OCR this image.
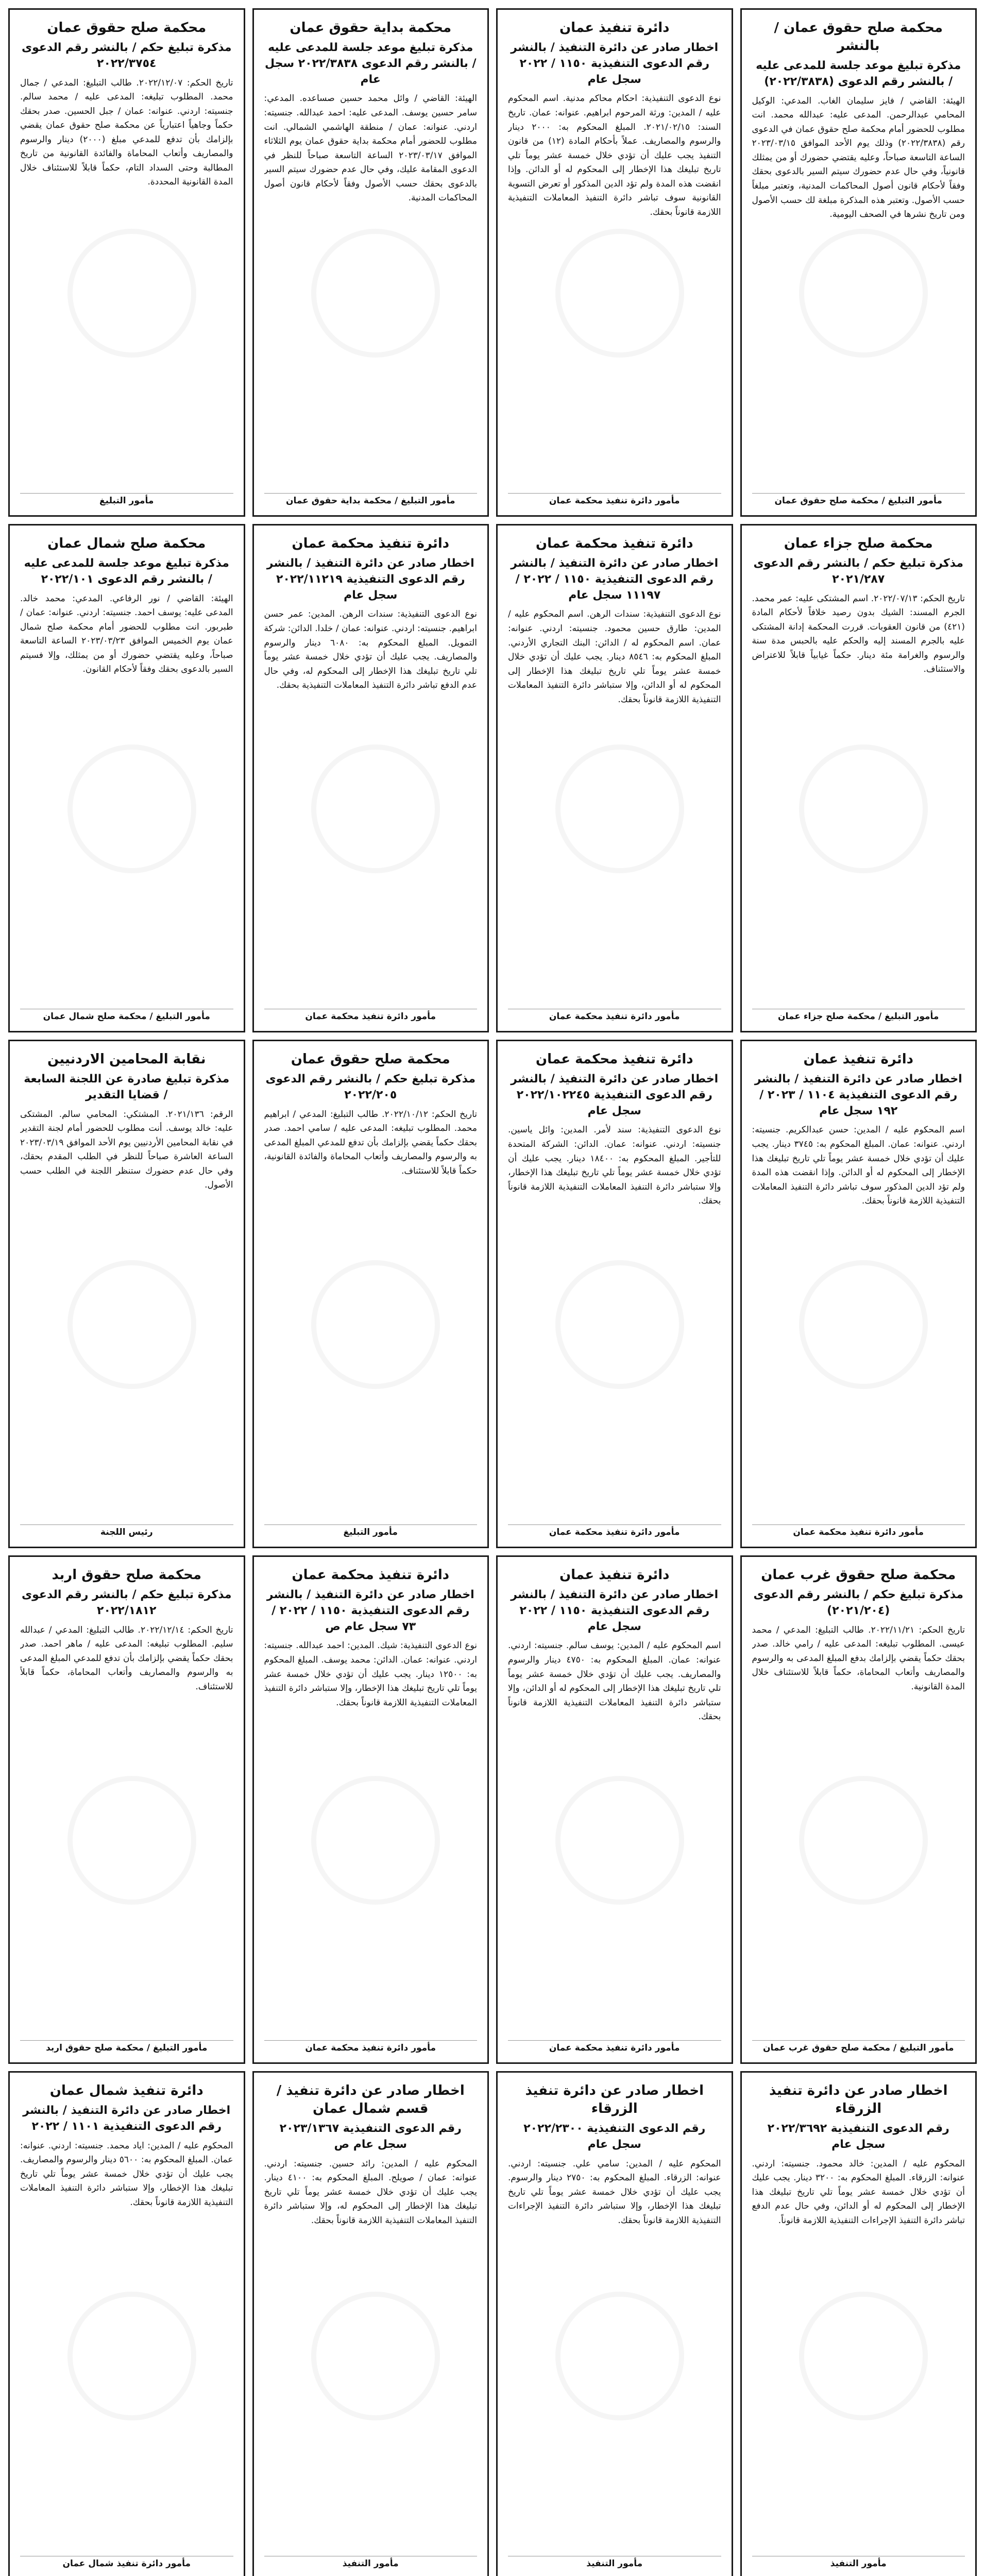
محكمة صلح حقوق عمان / بالنشر
مذكرة تبليغ موعد جلسة للمدعى عليه / بالنشر رقم الدعوى (٢٠٢٢/٣٨٣٨)
الهيئة: القاضي / فايز سليمان الغاب. المدعي: الوكيل المحامي عبدالرحمن. المدعى عليه: عبدالله محمد. انت مطلوب للحضور أمام محكمة صلح حقوق عمان في الدعوى رقم (٢٠٢٢/٣٨٣٨) وذلك يوم الأحد الموافق ٢٠٢٣/٠٣/١٥ الساعة التاسعة صباحاً، وعليه يقتضي حضورك أو من يمثلك قانونياً، وفي حال عدم حضورك سيتم السير بالدعوى بحقك وفقاً لأحكام قانون أصول المحاكمات المدنية، وتعتبر مبلغاً حسب الأصول. وتعتبر هذه المذكرة مبلغة لك حسب الأصول ومن تاريخ نشرها في الصحف اليومية.
مأمور التبليغ / محكمة صلح حقوق عمان
دائرة تنفيذ عمان
اخطار صادر عن دائرة التنفيذ / بالنشر رقم الدعوى التنفيذية ١١٥٠ / ٢٠٢٢ سجل عام
نوع الدعوى التنفيذية: احكام محاكم مدنية. اسم المحكوم عليه / المدين: ورثة المرحوم ابراهيم. عنوانه: عمان. تاريخ السند: ٢٠٢١/٠٢/١٥. المبلغ المحكوم به: ٢٠٠٠ دينار والرسوم والمصاريف. عملاً بأحكام المادة (١٢) من قانون التنفيذ يجب عليك أن تؤدي خلال خمسة عشر يوماً تلي تاريخ تبليغك هذا الإخطار إلى المحكوم له أو الدائن. وإذا انقضت هذه المدة ولم تؤد الدين المذكور أو تعرض التسوية القانونية سوف تباشر دائرة التنفيذ المعاملات التنفيذية اللازمة قانوناً بحقك.
مأمور دائرة تنفيذ محكمة عمان
محكمة بداية حقوق عمان
مذكرة تبليغ موعد جلسة للمدعى عليه / بالنشر رقم الدعوى ٢٠٢٢/٣٨٣٨ سجل عام
الهيئة: القاضي / وائل محمد حسين صساعده. المدعي: سامر حسين يوسف. المدعى عليه: احمد عبدالله. جنسيته: اردني. عنوانه: عمان / منطقة الهاشمي الشمالي. انت مطلوب للحضور أمام محكمة بداية حقوق عمان يوم الثلاثاء الموافق ٢٠٢٣/٠٣/١٧ الساعة التاسعة صباحاً للنظر في الدعوى المقامة عليك، وفي حال عدم حضورك سيتم السير بالدعوى بحقك حسب الأصول وفقاً لأحكام قانون أصول المحاكمات المدنية.
مأمور التبليغ / محكمة بداية حقوق عمان
محكمة صلح حقوق عمان
مذكرة تبليغ حكم / بالنشر رقم الدعوى ٢٠٢٢/٣٧٥٤
تاريخ الحكم: ٢٠٢٢/١٢/٠٧. طالب التبليغ: المدعي / جمال محمد. المطلوب تبليغه: المدعى عليه / محمد سالم. جنسيته: اردني. عنوانه: عمان / جبل الحسين. صدر بحقك حكماً وجاهياً اعتبارياً عن محكمة صلح حقوق عمان يقضي بإلزامك بأن تدفع للمدعي مبلغ (٢٠٠٠) دينار والرسوم والمصاريف وأتعاب المحاماة والفائدة القانونية من تاريخ المطالبة وحتى السداد التام، حكماً قابلاً للاستئناف خلال المدة القانونية المحددة.
مأمور التبليغ
محكمة صلح جزاء عمان
مذكرة تبليغ حكم / بالنشر رقم الدعوى ٢٠٢١/٢٨٧
تاريخ الحكم: ٢٠٢٢/٠٧/١٣. اسم المشتكى عليه: عمر محمد. الجرم المسند: الشيك بدون رصيد خلافاً لأحكام المادة (٤٢١) من قانون العقوبات. قررت المحكمة إدانة المشتكى عليه بالجرم المسند إليه والحكم عليه بالحبس مدة سنة والرسوم والغرامة مئة دينار. حكماً غيابياً قابلاً للاعتراض والاستئناف.
مأمور التبليغ / محكمة صلح جزاء عمان
دائرة تنفيذ محكمة عمان
اخطار صادر عن دائرة التنفيذ / بالنشر رقم الدعوى التنفيذية ١١٥٠ / ٢٠٢٢ / ١١١٩٧ سجل عام
نوع الدعوى التنفيذية: سندات الرهن. اسم المحكوم عليه / المدين: طارق حسين محمود. جنسيته: اردني. عنوانه: عمان. اسم المحكوم له / الدائن: البنك التجاري الأردني. المبلغ المحكوم به: ٨٥٤٦ دينار. يجب عليك أن تؤدي خلال خمسة عشر يوماً تلي تاريخ تبليغك هذا الإخطار إلى المحكوم له أو الدائن، وإلا ستباشر دائرة التنفيذ المعاملات التنفيذية اللازمة قانوناً بحقك.
مأمور دائرة تنفيذ محكمة عمان
دائرة تنفيذ محكمة عمان
اخطار صادر عن دائرة التنفيذ / بالنشر رقم الدعوى التنفيذية ٢٠٢٢/١١٢١٩ سجل عام
نوع الدعوى التنفيذية: سندات الرهن. المدين: عمر حسن ابراهيم. جنسيته: اردني. عنوانه: عمان / خلدا. الدائن: شركة التمويل. المبلغ المحكوم به: ٦٠٨٠ دينار والرسوم والمصاريف. يجب عليك أن تؤدي خلال خمسة عشر يوماً تلي تاريخ تبليغك هذا الإخطار إلى المحكوم له، وفي حال عدم الدفع تباشر دائرة التنفيذ المعاملات التنفيذية بحقك.
مأمور دائرة تنفيذ محكمة عمان
محكمة صلح شمال عمان
مذكرة تبليغ موعد جلسة للمدعى عليه / بالنشر رقم الدعوى ٢٠٢٢/١٠١
الهيئة: القاضي / نور الرفاعي. المدعي: محمد خالد. المدعى عليه: يوسف احمد. جنسيته: اردني. عنوانه: عمان / طبربور. انت مطلوب للحضور أمام محكمة صلح شمال عمان يوم الخميس الموافق ٢٠٢٣/٠٣/٢٣ الساعة التاسعة صباحاً، وعليه يقتضي حضورك أو من يمثلك، وإلا فسيتم السير بالدعوى بحقك وفقاً لأحكام القانون.
مأمور التبليغ / محكمة صلح شمال عمان
دائرة تنفيذ عمان
اخطار صادر عن دائرة التنفيذ / بالنشر رقم الدعوى التنفيذية ١١٠٤ / ٢٠٢٣ / ١٩٢ سجل عام
اسم المحكوم عليه / المدين: حسن عبدالكريم. جنسيته: اردني. عنوانه: عمان. المبلغ المحكوم به: ٣٧٤٥ دينار. يجب عليك أن تؤدي خلال خمسة عشر يوماً تلي تاريخ تبليغك هذا الإخطار إلى المحكوم له أو الدائن. وإذا انقضت هذه المدة ولم تؤد الدين المذكور سوف تباشر دائرة التنفيذ المعاملات التنفيذية اللازمة قانوناً بحقك.
مأمور دائرة تنفيذ محكمة عمان
دائرة تنفيذ محكمة عمان
اخطار صادر عن دائرة التنفيذ / بالنشر رقم الدعوى التنفيذية ٢٠٢٢/١٠٢٢٤٥ سجل عام
نوع الدعوى التنفيذية: سند لأمر. المدين: وائل ياسين. جنسيته: اردني. عنوانه: عمان. الدائن: الشركة المتحدة للتأجير. المبلغ المحكوم به: ١٨٤٠٠ دينار. يجب عليك أن تؤدي خلال خمسة عشر يوماً تلي تاريخ تبليغك هذا الإخطار، وإلا ستباشر دائرة التنفيذ المعاملات التنفيذية اللازمة قانوناً بحقك.
مأمور دائرة تنفيذ محكمة عمان
محكمة صلح حقوق عمان
مذكرة تبليغ حكم / بالنشر رقم الدعوى ٢٠٢٢/٢٠٥
تاريخ الحكم: ٢٠٢٢/١٠/١٢. طالب التبليغ: المدعي / ابراهيم محمد. المطلوب تبليغه: المدعى عليه / سامي احمد. صدر بحقك حكماً يقضي بإلزامك بأن تدفع للمدعي المبلغ المدعى به والرسوم والمصاريف وأتعاب المحاماة والفائدة القانونية، حكماً قابلاً للاستئناف.
مأمور التبليغ
نقابة المحامين الاردنيين
مذكرة تبليغ صادرة عن اللجنة السابعة / قضايا التقدير
الرقم: ٢٠٢١/١٣٦. المشتكي: المحامي سالم. المشتكى عليه: خالد يوسف. أنت مطلوب للحضور أمام لجنة التقدير في نقابة المحامين الأردنيين يوم الأحد الموافق ٢٠٢٣/٠٣/١٩ الساعة العاشرة صباحاً للنظر في الطلب المقدم بحقك، وفي حال عدم حضورك ستنظر اللجنة في الطلب حسب الأصول.
رئيس اللجنة
محكمة صلح حقوق غرب عمان
مذكرة تبليغ حكم / بالنشر رقم الدعوى (٢٠٢١/٢٠٤)
تاريخ الحكم: ٢٠٢٢/١١/٢١. طالب التبليغ: المدعي / محمد عيسى. المطلوب تبليغه: المدعى عليه / رامي خالد. صدر بحقك حكماً يقضي بإلزامك بدفع المبلغ المدعى به والرسوم والمصاريف وأتعاب المحاماة، حكماً قابلاً للاستئناف خلال المدة القانونية.
مأمور التبليغ / محكمة صلح حقوق غرب عمان
دائرة تنفيذ عمان
اخطار صادر عن دائرة التنفيذ / بالنشر رقم الدعوى التنفيذية ١١٥٠ / ٢٠٢٢ سجل عام
اسم المحكوم عليه / المدين: يوسف سالم. جنسيته: اردني. عنوانه: عمان. المبلغ المحكوم به: ٤٧٥٠ دينار والرسوم والمصاريف. يجب عليك أن تؤدي خلال خمسة عشر يوماً تلي تاريخ تبليغك هذا الإخطار إلى المحكوم له أو الدائن، وإلا ستباشر دائرة التنفيذ المعاملات التنفيذية اللازمة قانوناً بحقك.
مأمور دائرة تنفيذ محكمة عمان
دائرة تنفيذ محكمة عمان
اخطار صادر عن دائرة التنفيذ / بالنشر رقم الدعوى التنفيذية ١١٥٠ / ٢٠٢٢ / ٧٣ سجل عام ص
نوع الدعوى التنفيذية: شيك. المدين: احمد عبدالله. جنسيته: اردني. عنوانه: عمان. الدائن: محمد يوسف. المبلغ المحكوم به: ١٢٥٠٠ دينار. يجب عليك أن تؤدي خلال خمسة عشر يوماً تلي تاريخ تبليغك هذا الإخطار، وإلا ستباشر دائرة التنفيذ المعاملات التنفيذية اللازمة قانوناً بحقك.
مأمور دائرة تنفيذ محكمة عمان
محكمة صلح حقوق اربد
مذكرة تبليغ حكم / بالنشر رقم الدعوى ٢٠٢٢/١٨١٢
تاريخ الحكم: ٢٠٢٢/١٢/١٤. طالب التبليغ: المدعي / عبدالله سليم. المطلوب تبليغه: المدعى عليه / ماهر احمد. صدر بحقك حكماً يقضي بإلزامك بأن تدفع للمدعي المبلغ المدعى به والرسوم والمصاريف وأتعاب المحاماة، حكماً قابلاً للاستئناف.
مأمور التبليغ / محكمة صلح حقوق اربد
اخطار صادر عن دائرة تنفيذ الزرقاء
رقم الدعوى التنفيذية ٢٠٢٢/٣٦٩٢ سجل عام
المحكوم عليه / المدين: خالد محمود. جنسيته: اردني. عنوانه: الزرقاء. المبلغ المحكوم به: ٣٢٠٠ دينار. يجب عليك أن تؤدي خلال خمسة عشر يوماً تلي تاريخ تبليغك هذا الإخطار إلى المحكوم له أو الدائن، وفي حال عدم الدفع تباشر دائرة التنفيذ الإجراءات التنفيذية اللازمة قانوناً.
مأمور التنفيذ
اخطار صادر عن دائرة تنفيذ الزرقاء
رقم الدعوى التنفيذية ٢٠٢٢/٢٣٠٠ سجل عام
المحكوم عليه / المدين: سامي علي. جنسيته: اردني. عنوانه: الزرقاء. المبلغ المحكوم به: ٢٧٥٠ دينار والرسوم. يجب عليك أن تؤدي خلال خمسة عشر يوماً تلي تاريخ تبليغك هذا الإخطار، وإلا ستباشر دائرة التنفيذ الإجراءات التنفيذية اللازمة قانوناً بحقك.
مأمور التنفيذ
اخطار صادر عن دائرة تنفيذ / قسم شمال عمان
رقم الدعوى التنفيذية ٢٠٢٣/١٣٦٧ سجل عام ص
المحكوم عليه / المدين: رائد حسين. جنسيته: اردني. عنوانه: عمان / صويلح. المبلغ المحكوم به: ٤١٠٠ دينار. يجب عليك أن تؤدي خلال خمسة عشر يوماً تلي تاريخ تبليغك هذا الإخطار إلى المحكوم له، وإلا ستباشر دائرة التنفيذ المعاملات التنفيذية اللازمة قانوناً بحقك.
مأمور التنفيذ
دائرة تنفيذ شمال عمان
اخطار صادر عن دائرة التنفيذ / بالنشر رقم الدعوى التنفيذية ١١٠١ / ٢٠٢٢
المحكوم عليه / المدين: اياد محمد. جنسيته: اردني. عنوانه: عمان. المبلغ المحكوم به: ٥٦٠٠ دينار والرسوم والمصاريف. يجب عليك أن تؤدي خلال خمسة عشر يوماً تلي تاريخ تبليغك هذا الإخطار، وإلا ستباشر دائرة التنفيذ المعاملات التنفيذية اللازمة قانوناً بحقك.
مأمور دائرة تنفيذ شمال عمان
